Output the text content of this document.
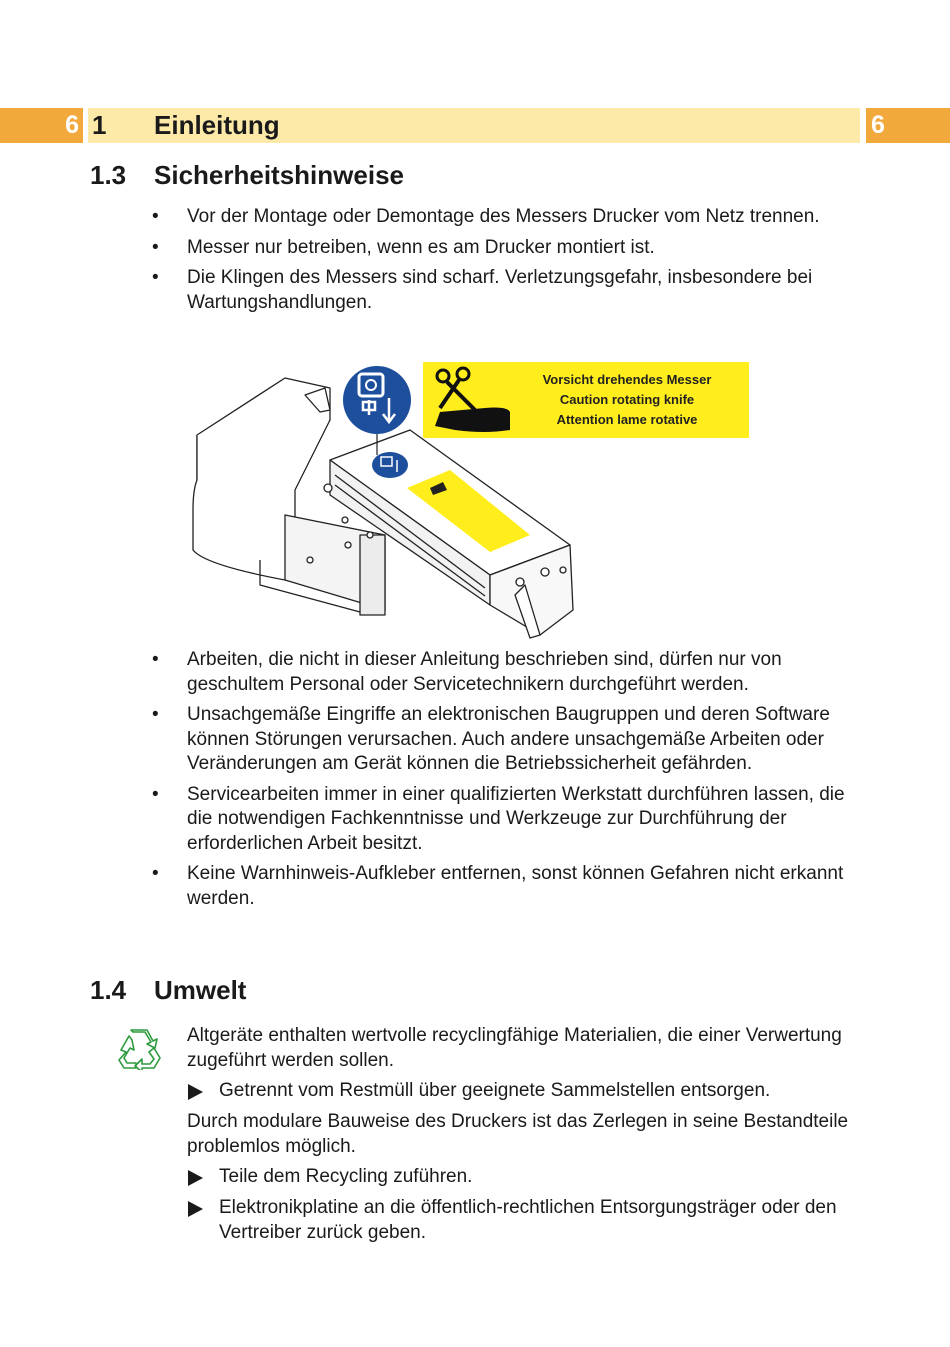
6 1 Einleitung	6
1.3 Sicherheitshinweise
• Vor der Montage oder Demontage des Messers Drucker vom Netz trennen.
• Messer nur betreiben, wenn es am Drucker montiert ist.
• Die Klingen des Messers sind scharf. Verletzungsgefahr, insbesondere bei Wartungshandlungen.
Vorsicht drehendes Messer
Caution rotating knife
Attention lame rotative
• Arbeiten, die nicht in dieser Anleitung beschrieben sind, dürfen nur von geschultem Personal oder Servicetechnikern durchgeführt werden.
• Unsachgemäße Eingriffe an elektronischen Baugruppen und deren Software können Störungen verursachen. Auch andere unsachgemäße Arbeiten oder Veränderungen am Gerät können die Betriebssicherheit gefährden.
• Servicearbeiten immer in einer qualifizierten Werkstatt durchführen lassen, die die notwendigen Fachkenntnisse und Werkzeuge zur Durchführung der erforderlichen Arbeit besitzt.
• Keine Warnhinweis-Aufkleber entfernen, sonst können Gefahren nicht erkannt werden.
1.4 Umwelt

Altgeräte enthalten wertvolle recyclingfähige Materialien, die einer Verwertung zugeführt werden sollen.

Getrennt vom Restmüll über geeignete Sammelstellen entsorgen.

Durch modulare Bauweise des Druckers ist das Zerlegen in seine Bestandteile problemlos möglich.

Teile dem Recycling zuführen.
Elektronikplatine an die öffentlich-rechtlichen Entsorgungsträger oder den Vertreiber zurück geben.
